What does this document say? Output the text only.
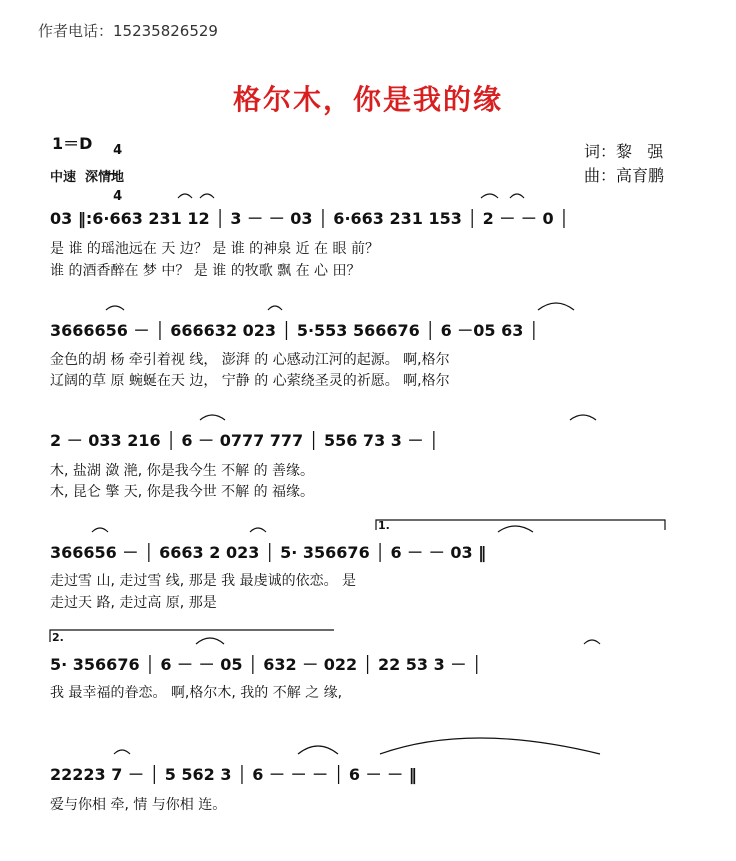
作者电话：15235826529
格尔木，你是我的缘
1＝D	4

4

中速  深情地
词：黎   强
曲：高育鹏
03 ‖:6·663 231 12 │ 3 － － 03 │ 6·663 231 153 │ 2 － － 0 │
是 谁 的瑶池远在 天 边？ 是 谁 的神泉 近 在 眼 前？
谁 的酒香醉在 梦 中？ 是 谁 的牧歌 飘 在 心 田？
3666656 － │ 666632 023 │ 5·553 566676 │ 6 －05 63 │
金色的胡 杨 牵引着视 线， 澎湃 的 心感动江河的起源。 啊,格尔
辽阔的草 原 蜿蜒在天 边， 宁静 的 心萦绕圣灵的祈愿。 啊,格尔
2 － 033 216 │ 6 － 0777 777 │ 556 73 3 － │
木, 盐湖 潋 滟, 你是我今生 不解 的 善缘。
木, 昆仑 擎 天, 你是我今世 不解 的 福缘。
1.
366656 － │ 6663 2 023 │ 5· 356676 │ 6 － － 03 ‖
走过雪 山, 走过雪 线, 那是 我 最虔诚的依恋。 是
走过天 路, 走过高 原, 那是
2.
5· 356676 │ 6 － － 05 │ 632 － 022 │ 22 53 3 － │
我 最幸福的眷恋。 啊,格尔木, 我的 不解 之 缘,
22223 7 － │ 5 562 3 │ 6 － － － │ 6 － － ‖
爱与你相 牵, 情 与你相 连。
